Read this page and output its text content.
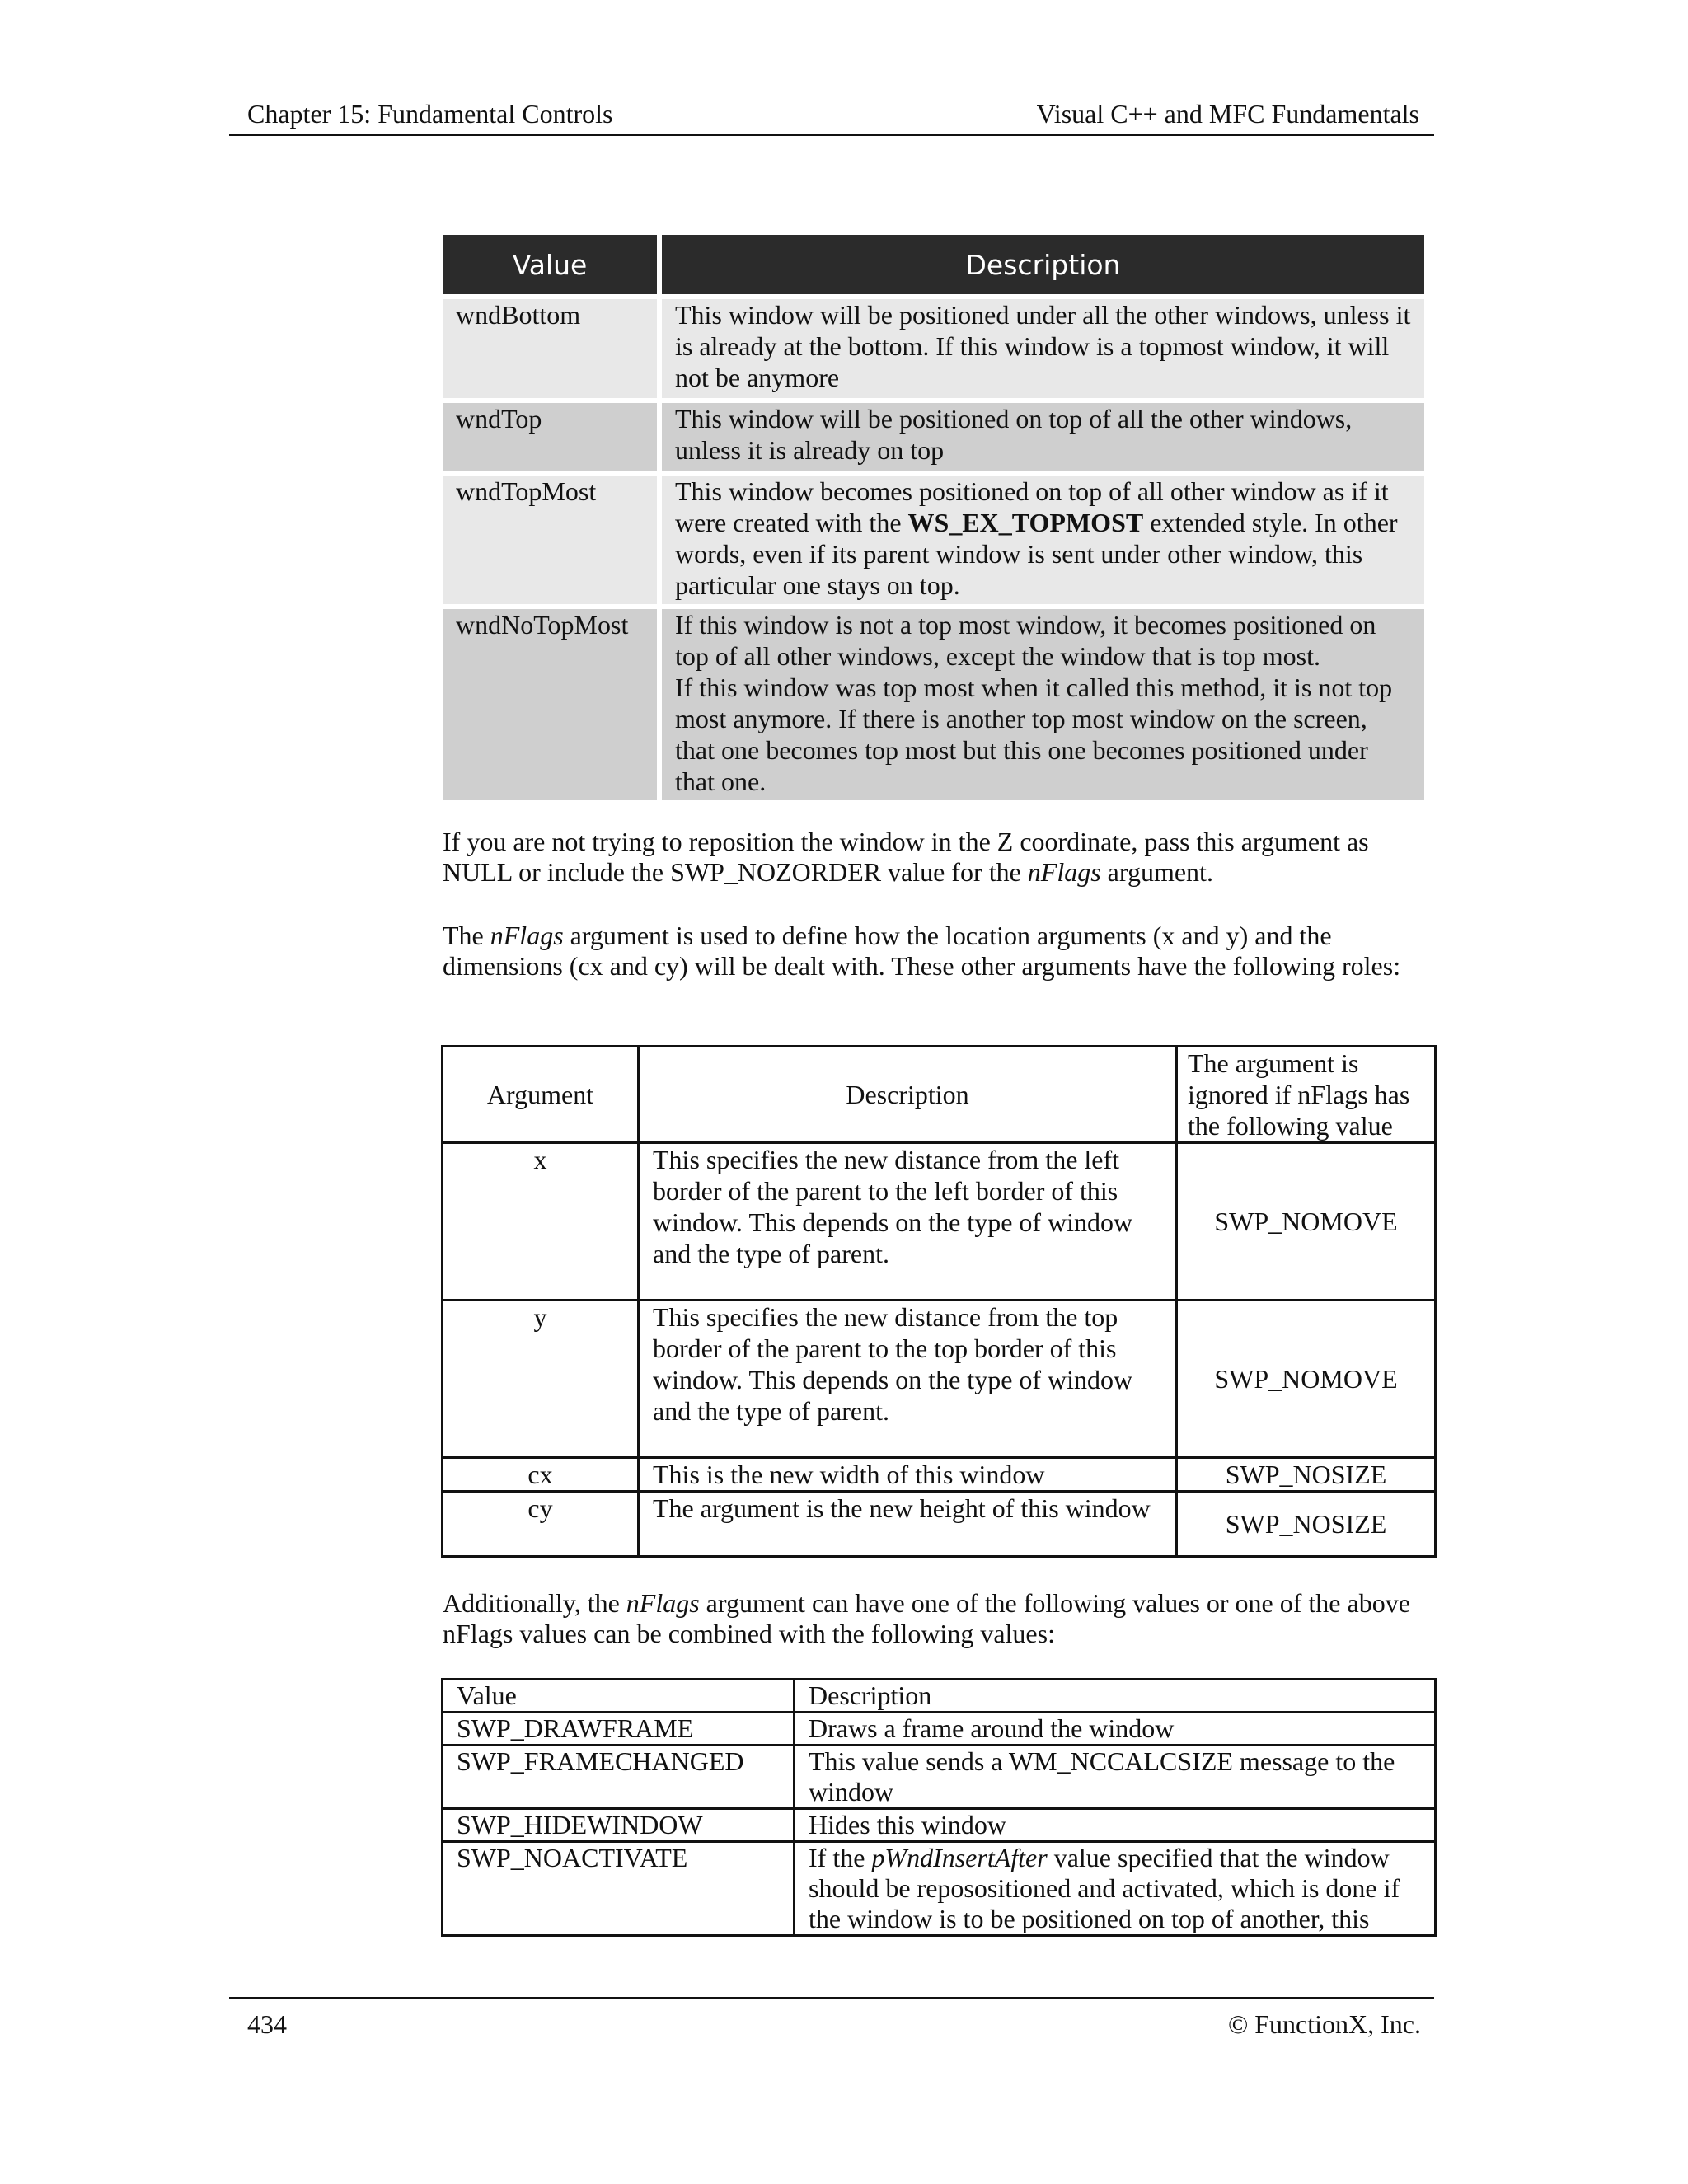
Chapter 15: Fundamental Controls	Visual C++ and MFC Fundamentals
Value	Description
wndBottom	This window will be positioned under all the other windows, unless it is already at the bottom. If this window is a topmost window, it will not be anymore
wndTop	This window will be positioned on top of all the other windows, unless it is already on top
wndTopMost	This window becomes positioned on top of all other window as if it were created with the WS_EX_TOPMOST extended style. In other words, even if its parent window is sent under other window, this particular one stays on top.
wndNoTopMost	If this window is not a top most window, it becomes positioned on top of all other windows, except the window that is top most.
If this window was top most when it called this method, it is not top most anymore. If there is another top most window on the screen, that one becomes top most but this one becomes positioned under that one.

If you are not trying to reposition the window in the Z coordinate, pass this argument as NULL or include the SWP_NOZORDER value for the nFlags argument.

The nFlags argument is used to define how the location arguments (x and y) and the dimensions (cx and cy) will be dealt with. These other arguments have the following roles:

Argument	Description	The argument is ignored if nFlags has the following value
x	This specifies the new distance from the left border of the parent to the left border of this window. This depends on the type of window and the type of parent.	SWP_NOMOVE
y	This specifies the new distance from the top border of the parent to the top border of this window. This depends on the type of window and the type of parent.	SWP_NOMOVE
cx	This is the new width of this window	SWP_NOSIZE
cy	The argument is the new height of this window	SWP_NOSIZE

Additionally, the nFlags argument can have one of the following values or one of the above nFlags values can be combined with the following values:

Value	Description
SWP_DRAWFRAME	Draws a frame around the window
SWP_FRAMECHANGED	This value sends a WM_NCCALCSIZE message to the window
SWP_HIDEWINDOW	Hides this window
SWP_NOACTIVATE	If the pWndInsertAfter value specified that the window should be reposositioned and activated, which is done if the window is to be positioned on top of another, this
434	© FunctionX, Inc.
